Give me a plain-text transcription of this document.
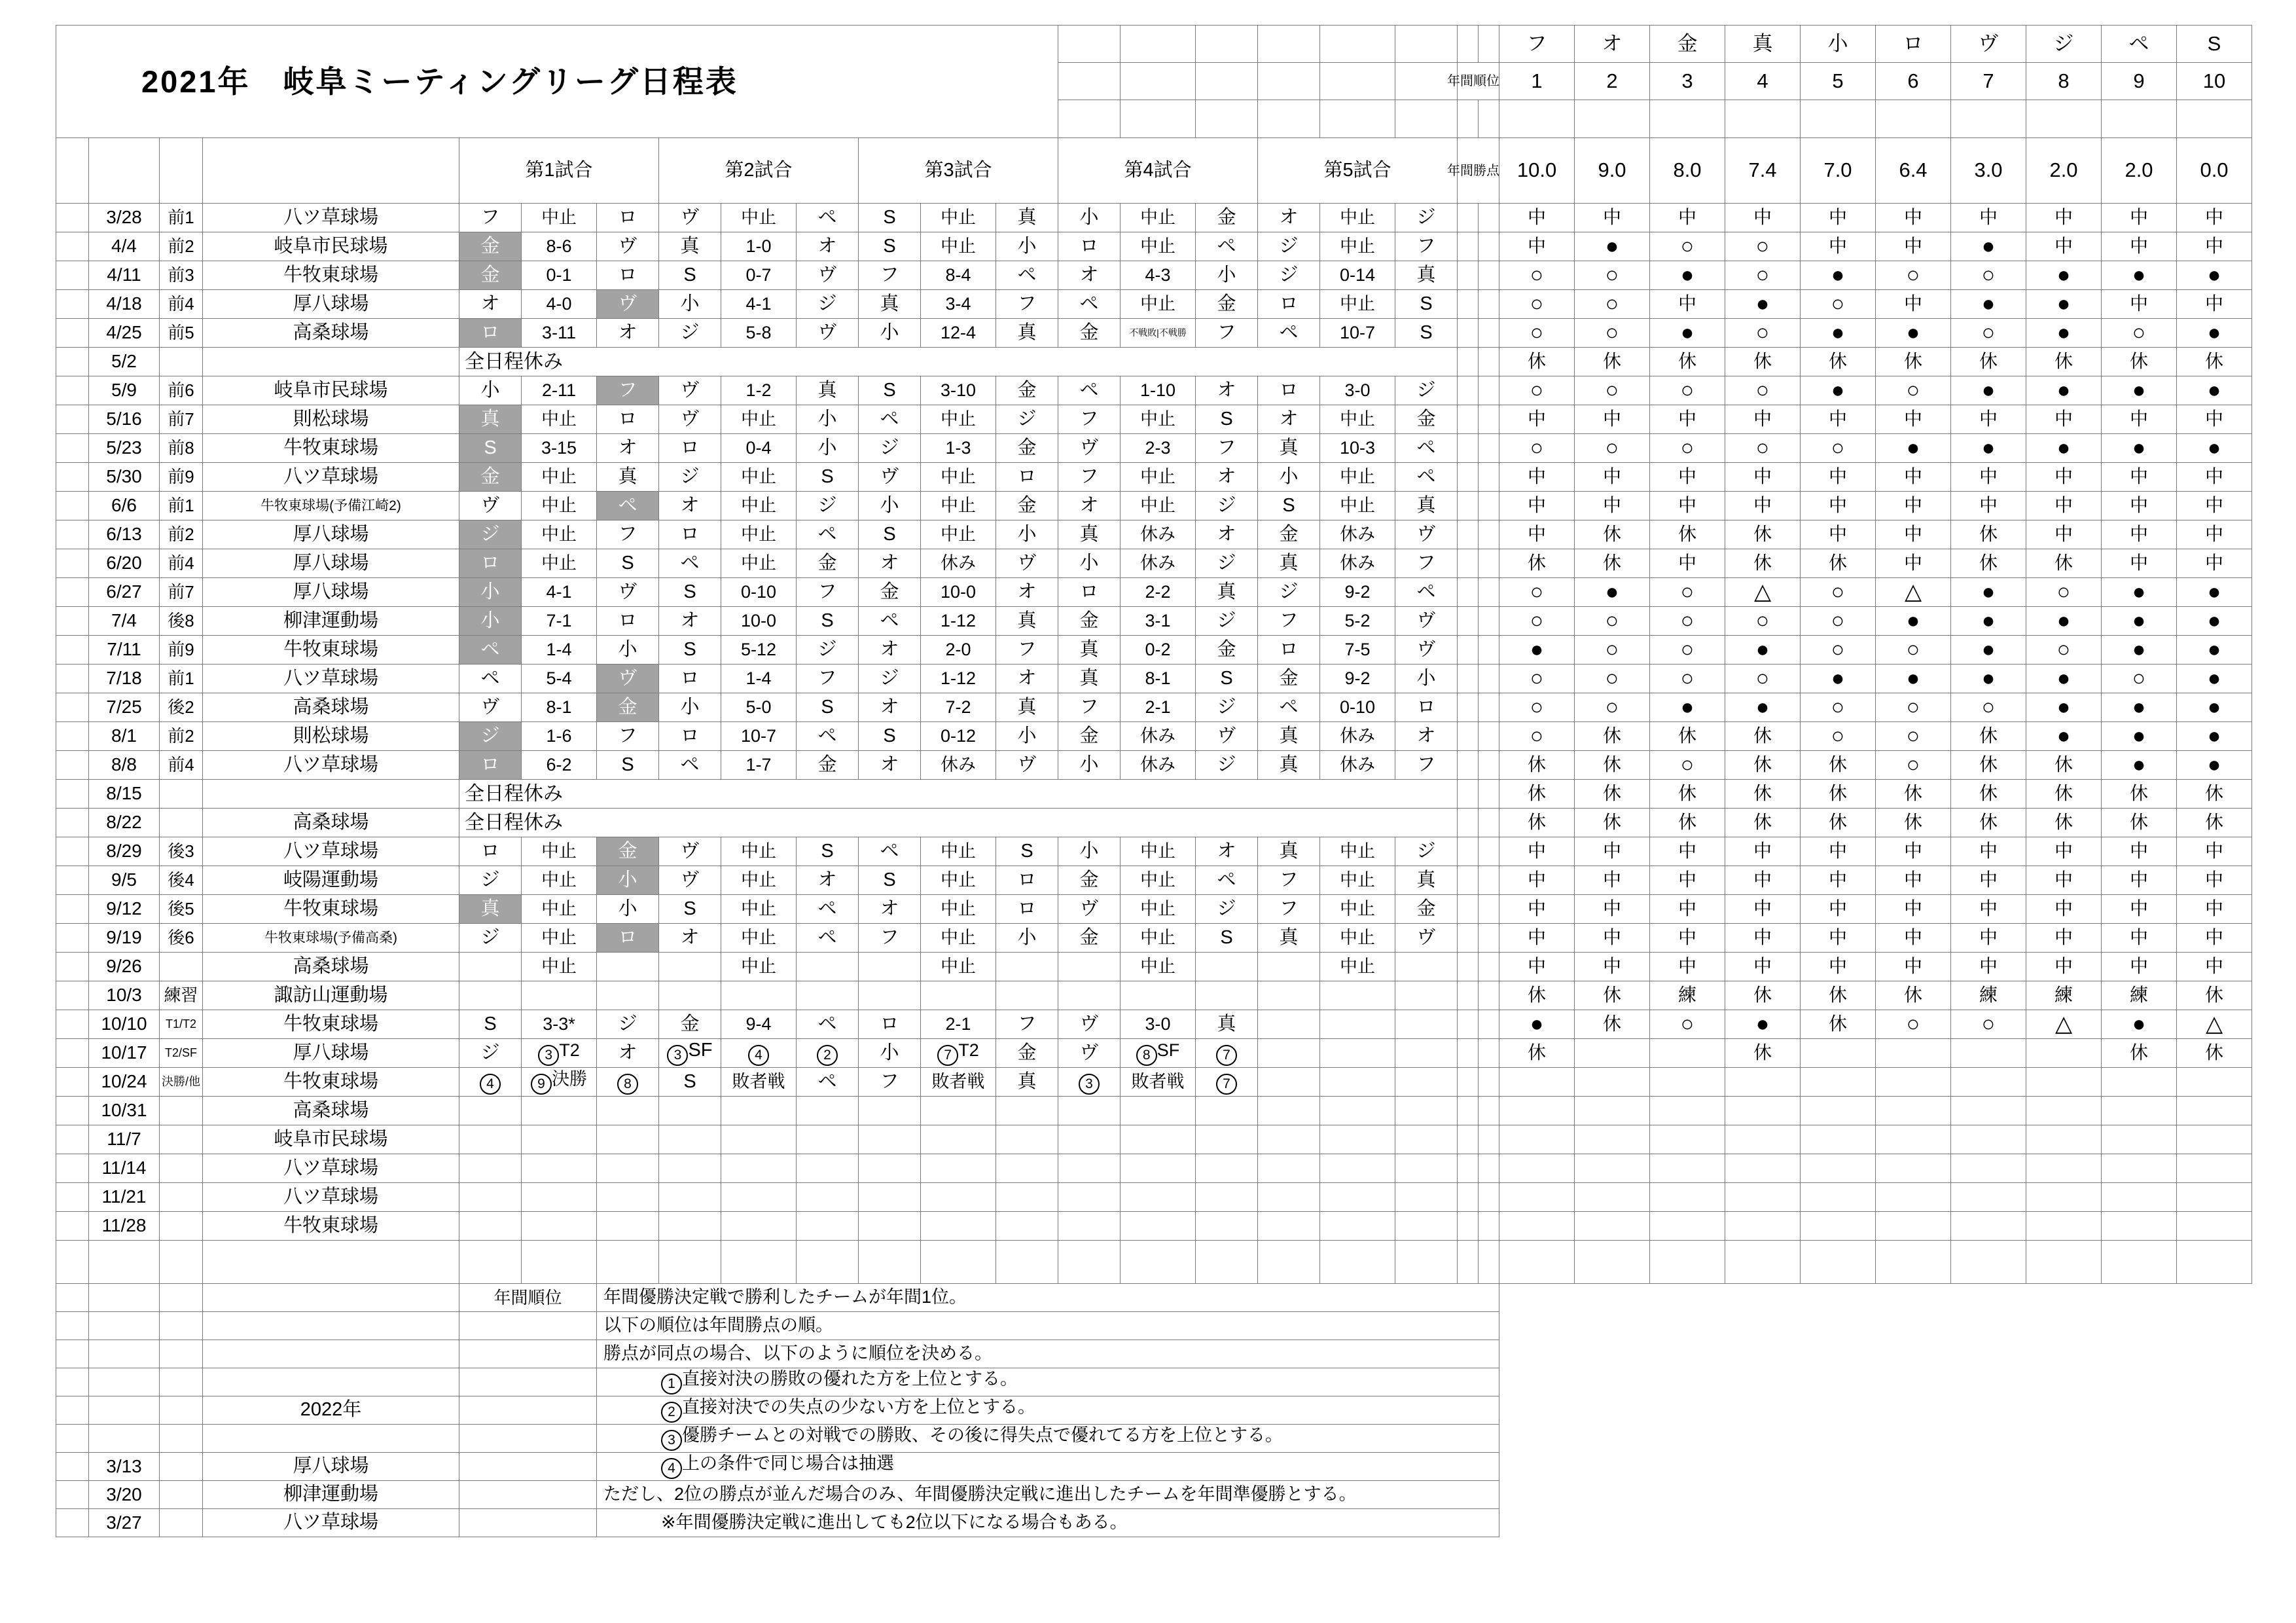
2021年　岐阜ミーティングリーグ日程表																					フ	オ	金	真	小	ロ	ヴ	ジ	ペ	S
																			年間順位		1	2	3	4	5	6	7	8	9	10

				第1試合			第2試合			第3試合			第4試合			第5試合			年間勝点		10.0	9.0	8.0	7.4	7.0	6.4	3.0	2.0	2.0	0.0
	3/28	前1	八ツ草球場	フ	中止	ロ	ヴ	中止	ペ	S	中止	真	小	中止	金	オ	中止	ジ			中	中	中	中	中	中	中	中	中	中
	4/4	前2	岐阜市民球場	金	8-6	ヴ	真	1-0	オ	S	中止	小	ロ	中止	ペ	ジ	中止	フ			中	●	○	○	中	中	●	中	中	中
	4/11	前3	牛牧東球場	金	0-1	ロ	S	0-7	ヴ	フ	8-4	ペ	オ	4-3	小	ジ	0-14	真			○	○	●	○	●	○	○	●	●	●
	4/18	前4	厚八球場	オ	4-0	ヴ	小	4-1	ジ	真	3-4	フ	ペ	中止	金	ロ	中止	S			○	○	中	●	○	中	●	●	中	中
	4/25	前5	高桑球場	ロ	3-11	オ	ジ	5-8	ヴ	小	12-4	真	金	不戦敗|不戦勝	フ	ペ	10-7	S			○	○	●	○	●	●	○	●	○	●
	5/2			全日程休み																	休	休	休	休	休	休	休	休	休	休
	5/9	前6	岐阜市民球場	小	2-11	フ	ヴ	1-2	真	S	3-10	金	ペ	1-10	オ	ロ	3-0	ジ			○	○	○	○	●	○	●	●	●	●
	5/16	前7	則松球場	真	中止	ロ	ヴ	中止	小	ペ	中止	ジ	フ	中止	S	オ	中止	金			中	中	中	中	中	中	中	中	中	中
	5/23	前8	牛牧東球場	S	3-15	オ	ロ	0-4	小	ジ	1-3	金	ヴ	2-3	フ	真	10-3	ペ			○	○	○	○	○	●	●	●	●	●
	5/30	前9	八ツ草球場	金	中止	真	ジ	中止	S	ヴ	中止	ロ	フ	中止	オ	小	中止	ペ			中	中	中	中	中	中	中	中	中	中
	6/6	前1	牛牧東球場(予備江崎2)	ヴ	中止	ペ	オ	中止	ジ	小	中止	金	オ	中止	ジ	S	中止	真			中	中	中	中	中	中	中	中	中	中
	6/13	前2	厚八球場	ジ	中止	フ	ロ	中止	ペ	S	中止	小	真	休み	オ	金	休み	ヴ			中	休	休	休	中	中	休	中	中	中
	6/20	前4	厚八球場	ロ	中止	S	ペ	中止	金	オ	休み	ヴ	小	休み	ジ	真	休み	フ			休	休	中	休	休	中	休	休	中	中
	6/27	前7	厚八球場	小	4-1	ヴ	S	0-10	フ	金	10-0	オ	ロ	2-2	真	ジ	9-2	ペ			○	●	○	△	○	△	●	○	●	●
	7/4	後8	柳津運動場	小	7-1	ロ	オ	10-0	S	ペ	1-12	真	金	3-1	ジ	フ	5-2	ヴ			○	○	○	○	○	●	●	●	●	●
	7/11	前9	牛牧東球場	ペ	1-4	小	S	5-12	ジ	オ	2-0	フ	真	0-2	金	ロ	7-5	ヴ			●	○	○	●	○	○	●	○	●	●
	7/18	前1	八ツ草球場	ペ	5-4	ヴ	ロ	1-4	フ	ジ	1-12	オ	真	8-1	S	金	9-2	小			○	○	○	○	●	●	●	●	○	●
	7/25	後2	高桑球場	ヴ	8-1	金	小	5-0	S	オ	7-2	真	フ	2-1	ジ	ペ	0-10	ロ			○	○	●	●	○	○	○	●	●	●
	8/1	前2	則松球場	ジ	1-6	フ	ロ	10-7	ペ	S	0-12	小	金	休み	ヴ	真	休み	オ			○	休	休	休	○	○	休	●	●	●
	8/8	前4	八ツ草球場	ロ	6-2	S	ペ	1-7	金	オ	休み	ヴ	小	休み	ジ	真	休み	フ			休	休	○	休	休	○	休	休	●	●
	8/15			全日程休み																	休	休	休	休	休	休	休	休	休	休
	8/22		高桑球場	全日程休み																	休	休	休	休	休	休	休	休	休	休
	8/29	後3	八ツ草球場	ロ	中止	金	ヴ	中止	S	ペ	中止	S	小	中止	オ	真	中止	ジ			中	中	中	中	中	中	中	中	中	中
	9/5	後4	岐陽運動場	ジ	中止	小	ヴ	中止	オ	S	中止	ロ	金	中止	ペ	フ	中止	真			中	中	中	中	中	中	中	中	中	中
	9/12	後5	牛牧東球場	真	中止	小	S	中止	ペ	オ	中止	ロ	ヴ	中止	ジ	フ	中止	金			中	中	中	中	中	中	中	中	中	中
	9/19	後6	牛牧東球場(予備高桑)	ジ	中止	ロ	オ	中止	ペ	フ	中止	小	金	中止	S	真	中止	ヴ			中	中	中	中	中	中	中	中	中	中
	9/26		高桑球場		中止			中止			中止			中止			中止				中	中	中	中	中	中	中	中	中	中
	10/3	練習	諏訪山運動場																		休	休	練	休	休	休	練	練	練	休
	10/10	T1/T2	牛牧東球場	S	3-3*	ジ	金	9-4	ペ	ロ	2-1	フ	ヴ	3-0	真						●	休	○	●	休	○	○	△	●	△
	10/17	T2/SF	厚八球場	ジ	3 T2	オ	3 SF	4	2	小	7 T2	金	ヴ	8 SF	7						休			休					休	休
	10/24	決勝/他	牛牧東球場	4	9 決勝	8	S	敗者戦	ペ	フ	敗者戦	真	3	敗者戦	7															
	10/31		高桑球場																											
	11/7		岐阜市民球場																											
	11/14		八ツ草球場																											
	11/21		八ツ草球場																											
	11/28		牛牧東球場																											

				年間順位		年間優勝決定戦で勝利したチームが年間1位。																								
						以下の順位は年間勝点の順。																								
						勝点が同点の場合、以下のように順位を決める。																								
						1 直接対決の勝敗の優れた方を上位とする。																								
			2022年			2 直接対決での失点の少ない方を上位とする。																								
						3 優勝チームとの対戦での勝敗、その後に得失点で優れてる方を上位とする。																								
	3/13		厚八球場			4 上の条件で同じ場合は抽選																								
	3/20		柳津運動場			ただし、2位の勝点が並んだ場合のみ、年間優勝決定戦に進出したチームを年間準優勝とする。																								
	3/27		八ツ草球場			※年間優勝決定戦に進出しても2位以下になる場合もある。																								
